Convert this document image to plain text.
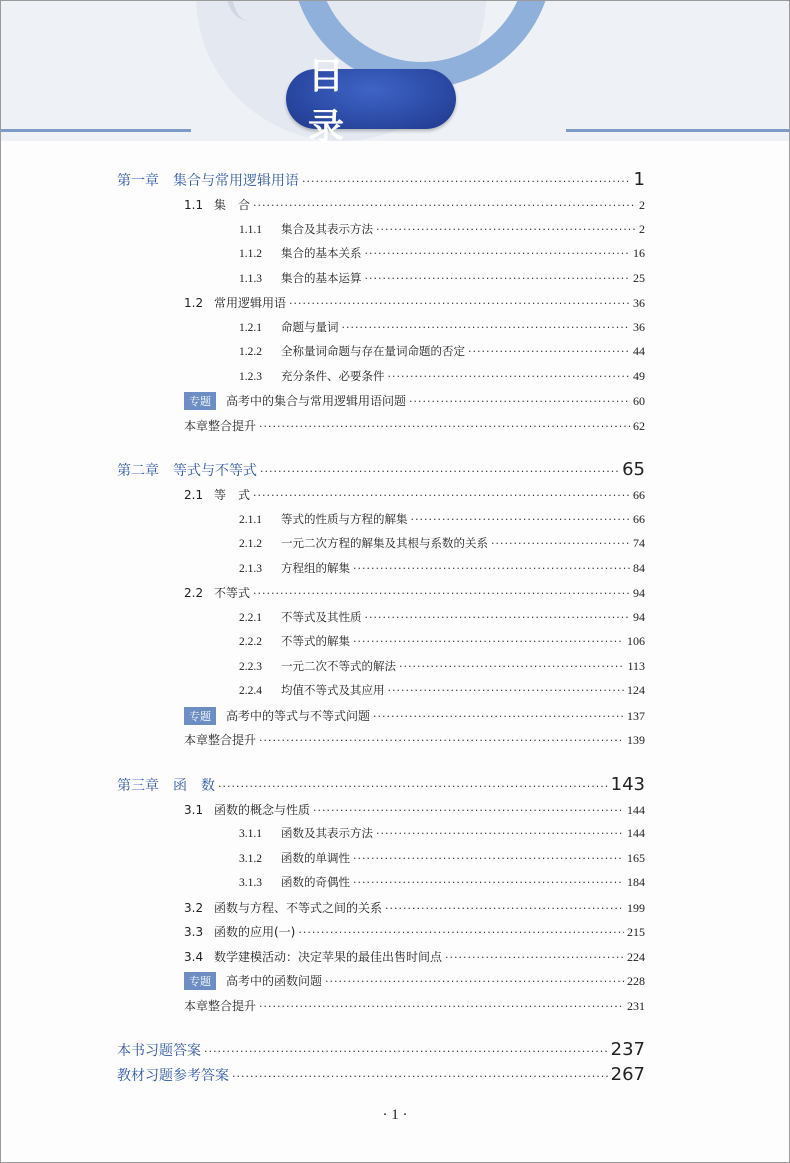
目 录
第一章 集合与常用逻辑用语 ·····	1
1.1 集　合 ·····	2
1.1.1 集合及其表示方法 ·····	2
1.1.2 集合的基本关系 ·····	16
1.1.3 集合的基本运算 ·····	25
1.2 常用逻辑用语 ·····	36
1.2.1 命题与量词 ·····	36
1.2.2 全称量词命题与存在量词命题的否定 ·····	44
1.2.3 充分条件、必要条件 ·····	49
专题 高考中的集合与常用逻辑用语问题 ·····	60
本章整合提升 ·····	62
第二章 等式与不等式 ·····	65
2.1 等　式 ·····	66
2.1.1 等式的性质与方程的解集 ·····	66
2.1.2 一元二次方程的解集及其根与系数的关系 ·····	74
2.1.3 方程组的解集 ·····	84
2.2 不等式 ·····	94
2.2.1 不等式及其性质 ·····	94
2.2.2 不等式的解集 ·····	106
2.2.3 一元二次不等式的解法 ·····	113
2.2.4 均值不等式及其应用 ·····	124
专题 高考中的等式与不等式问题 ·····	137
本章整合提升 ·····	139
第三章 函　数 ·····	143
3.1 函数的概念与性质 ·····	144
3.1.1 函数及其表示方法 ·····	144
3.1.2 函数的单调性 ·····	165
3.1.3 函数的奇偶性 ·····	184
3.2 函数与方程、不等式之间的关系 ·····	199
3.3 函数的应用(一) ·····	215
3.4 数学建模活动：决定苹果的最佳出售时间点 ·····	224
专题 高考中的函数问题 ·····	228
本章整合提升 ·····	231
本书习题答案 ·····	237
教材习题参考答案 ·····	267
· 1 ·
